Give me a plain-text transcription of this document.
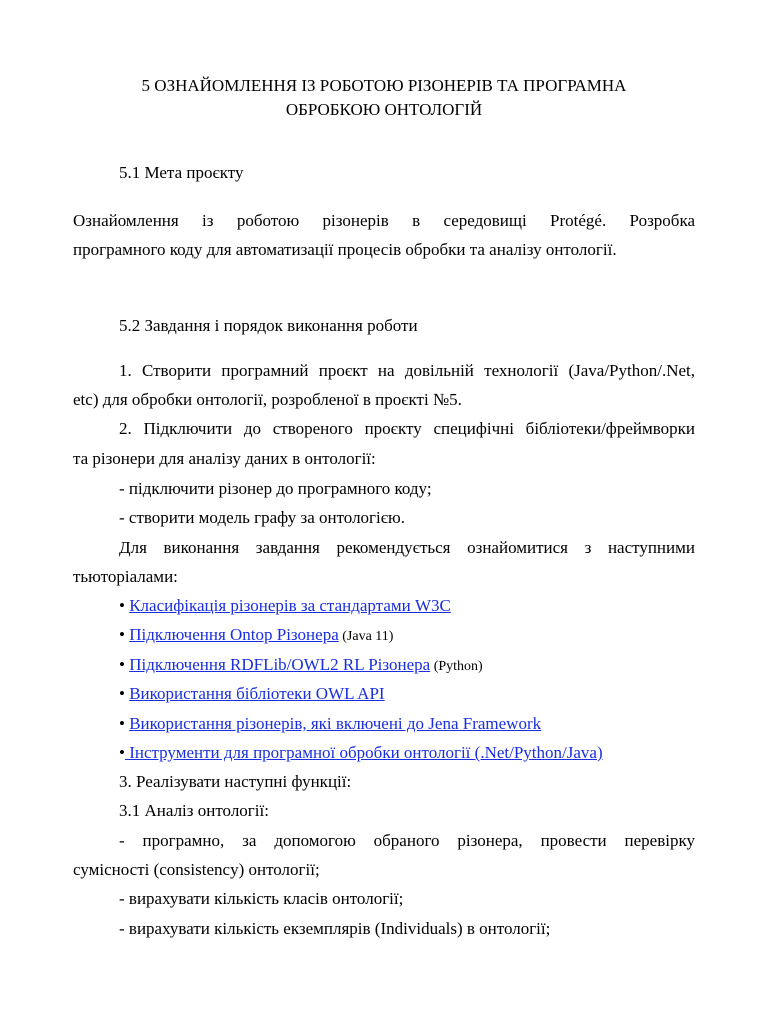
5 ОЗНАЙОМЛЕННЯ ІЗ РОБОТОЮ РІЗОНЕРІВ ТА ПРОГРАМНА
ОБРОБКОЮ ОНТОЛОГІЙ
5.1 Мета проєкту
Ознайомлення із роботою різонерів в середовищі Protégé. Розробка
програмного коду для автоматизації процесів обробки та аналізу онтології.
5.2 Завдання і порядок виконання роботи
1. Створити програмний проєкт на довільній технології (Java/Python/.Net,
etc) для обробки онтології, розробленої в проєкті №5.
2. Підключити до створеного проєкту специфічні бібліотеки/фреймворки
та різонери для аналізу даних в онтології:
- підключити різонер до програмного коду;
- створити модель графу за онтологією.
Для виконання завдання рекомендується ознайомитися з наступними
тьюторіалами:
• Класифікація різонерів за стандартами W3C
• Підключення Ontop Різонера (Java 11)
• Підключення RDFLib/OWL2 RL Різонера (Python)
• Використання бібліотеки OWL API
• Використання різонерів, які включені до Jena Framework
• Інструменти для програмної обробки онтології (.Net/Python/Java)
3. Реалізувати наступні функції:
3.1 Аналіз онтології:
- програмно, за допомогою обраного різонера, провести перевірку
сумісності (consistency) онтології;
- вирахувати кількість класів онтології;
- вирахувати кількість екземплярів (Individuals) в онтології;
